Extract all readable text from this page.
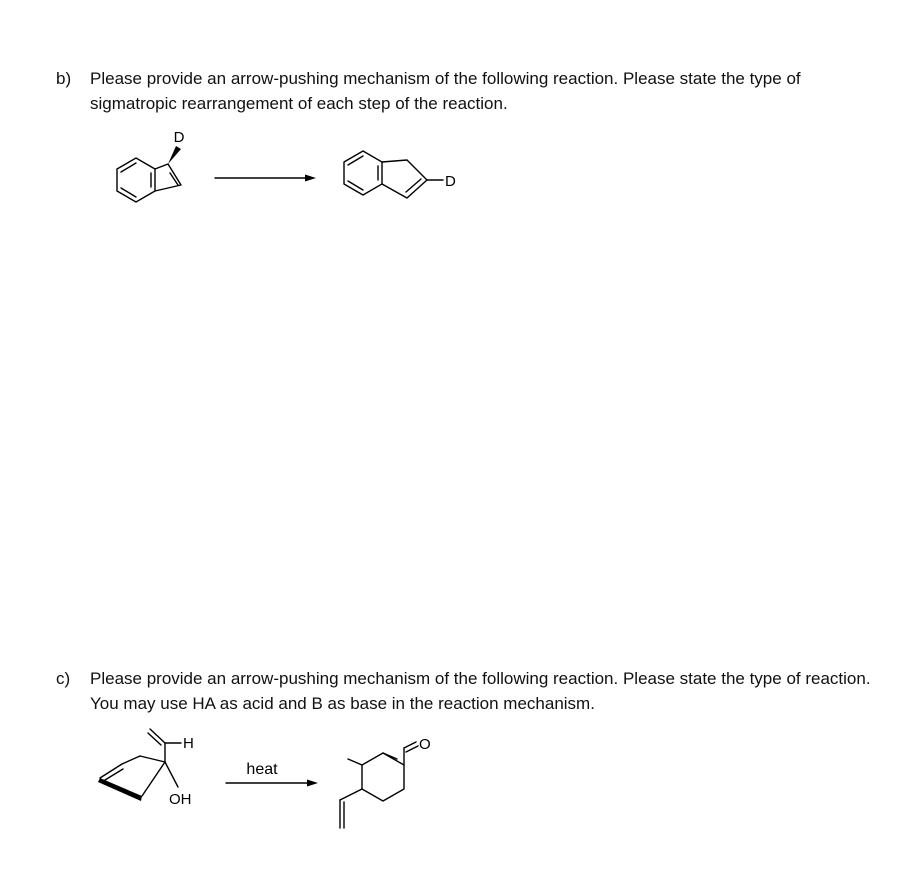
b)	Please provide an arrow-pushing mechanism of the following reaction. Please state the type of sigmatropic rearrangement of each step of the reaction.
c)	Please provide an arrow-pushing mechanism of the following reaction. Please state the type of reaction. You may use HA as acid and B as base in the reaction mechanism.
D
D
H
OH
heat
O
